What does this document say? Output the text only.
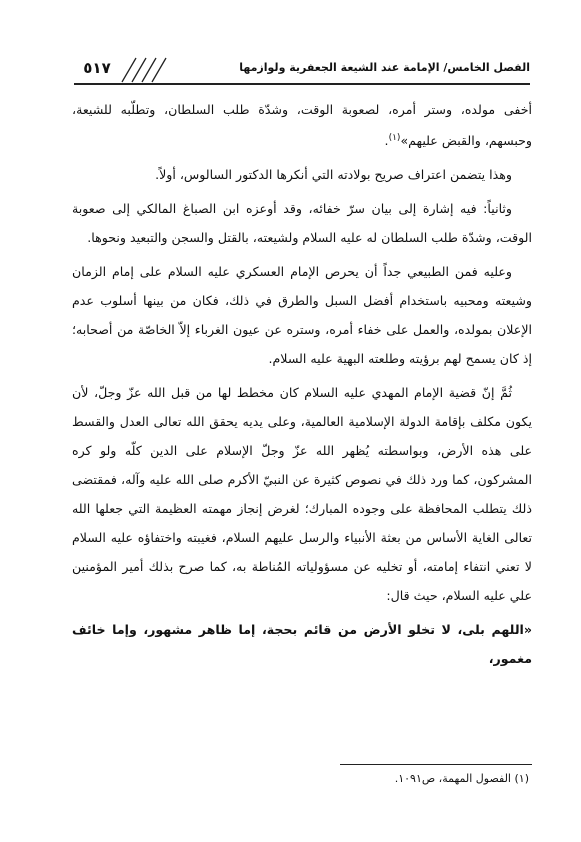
٥١٧	الفصل الخامس/ الإمامة عند الشيعة الجعفرية ولوازمها

أخفى مولده، وستر أمره، لصعوبة الوقت، وشدّة طلب السلطان، وتطلّبه للشيعة، وحبسهم، والقبض عليهم»$^{(١)}$.

وهذا يتضمن اعتراف صريح بولادته التي أنكرها الدكتور السالوس، أولاً.

وثانياً: فيه إشارة إلى بيان سرّ خفائه، وقد أوعزه ابن الصباغ المالكي إلى صعوبة الوقت، وشدّة طلب السلطان له عليه السلام ولشيعته، بالقتل والسجن والتبعيد ونحوها.

وعليه فمن الطبيعي جداً أن يحرص الإمام العسكري عليه السلام على إمام الزمان وشيعته ومحبيه باستخدام أفضل السبل والطرق في ذلك، فكان من بينها أسلوب عدم الإعلان بمولده، والعمل على خفاء أمره، وستره عن عيون الغرباء إلاّ الخاصّة من أصحابه؛ إذ كان يسمح لهم برؤيته وطلعته البهية عليه السلام.

ثُمَّ إنّ قضية الإمام المهدي عليه السلام كان مخطط لها من قبل الله عزّ وجلّ، لأن يكون مكلف بإقامة الدولة الإسلامية العالمية، وعلى يديه يحقق الله تعالى العدل والقسط على هذه الأرض، وبواسطته يُظهر الله عزّ وجلّ الإسلام على الدين كلّه ولو كره المشركون، كما ورد ذلك في نصوص كثيرة عن النبيّ الأكرم صلى الله عليه وآله، فمقتضى ذلك يتطلب المحافظة على وجوده المبارك؛ لغرض إنجاز مهمته العظيمة التي جعلها الله تعالى الغاية الأساس من بعثة الأنبياء والرسل عليهم السلام، فغيبته واختفاؤه عليه السلام لا تعني انتفاء إمامته، أو تخليه عن مسؤولياته المُناطة به، كما صرح بذلك أمير المؤمنين علي عليه السلام، حيث قال:

«اللهم بلى، لا تخلو الأرض من قائم بحجة، إما ظاهر مشهور، وإما خائف مغمور،

(١) الفصول المهمة، ص١٠٩١.
